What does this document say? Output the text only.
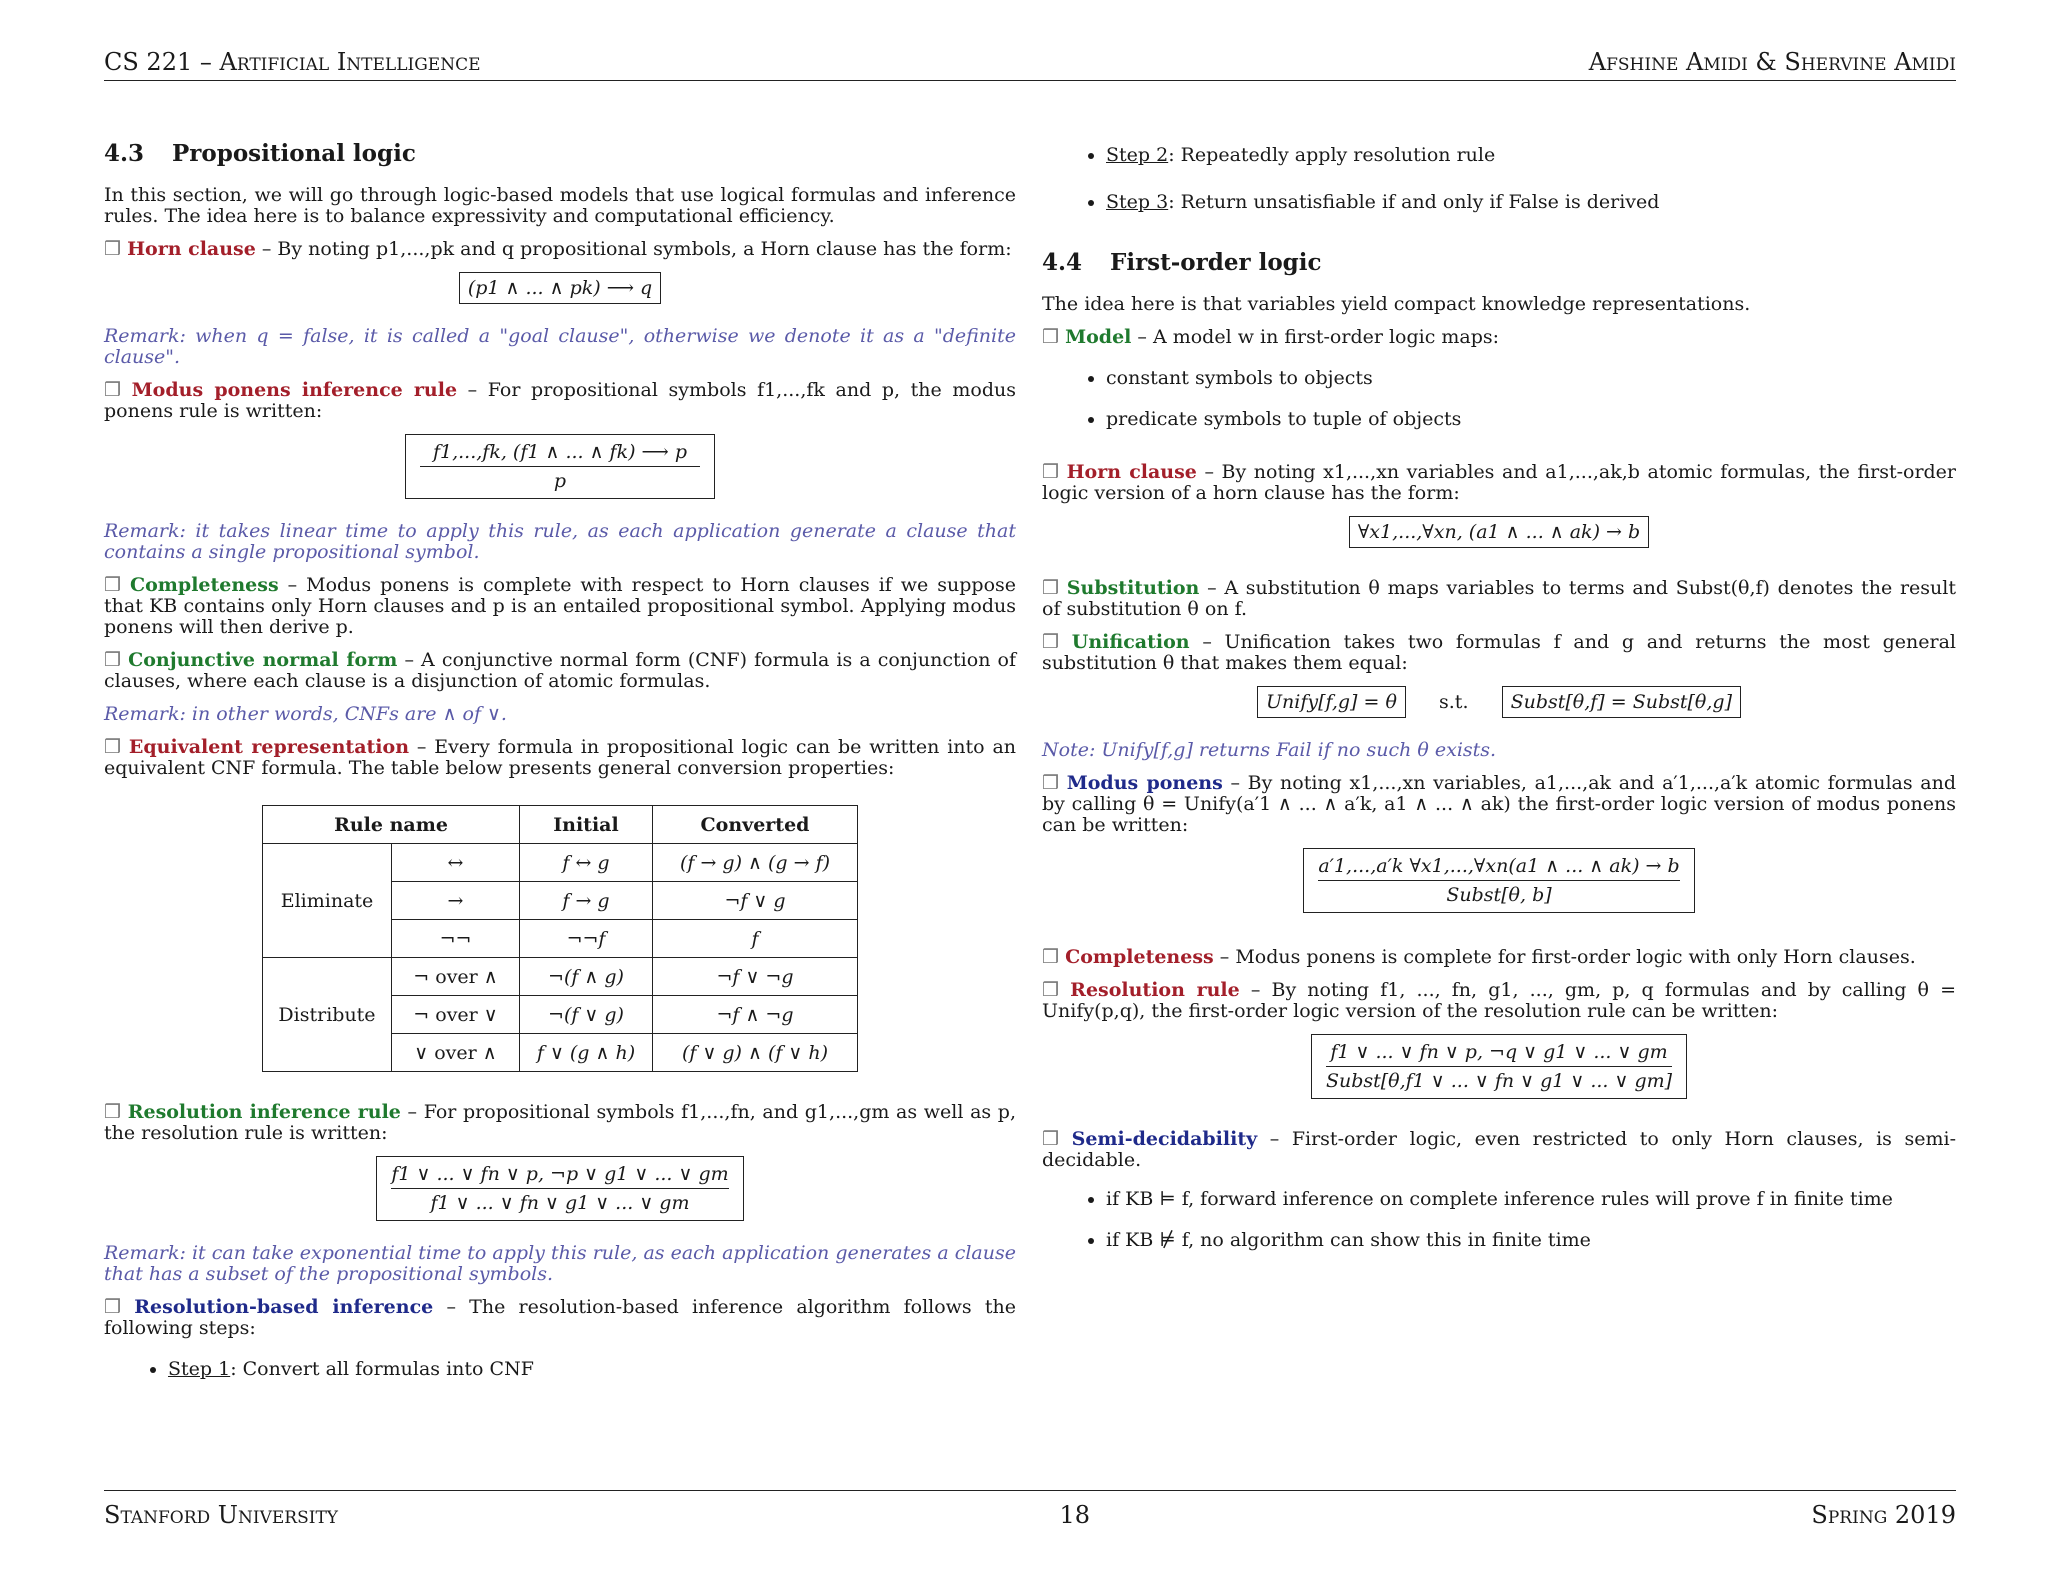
CS 221 – Artificial Intelligence	Afshine Amidi & Shervine Amidi
4.3 Propositional logic

In this section, we will go through logic-based models that use logical formulas and inference rules. The idea here is to balance expressivity and computational efficiency.

❒ Horn clause – By noting p1,...,pk and q propositional symbols, a Horn clause has the form:

(p1 ∧ ... ∧ pk) ⟶ q
Remark: when q = false, it is called a "goal clause", otherwise we denote it as a "definite clause".

❒ Modus ponens inference rule – For propositional symbols f1,...,fk and p, the modus ponens rule is written:

$\frac{f1,...,fk, (f1 \wedge ... \wedge fk) ⟶ p}{p}$
Remark: it takes linear time to apply this rule, as each application generate a clause that contains a single propositional symbol.

❒ Completeness – Modus ponens is complete with respect to Horn clauses if we suppose that KB contains only Horn clauses and p is an entailed propositional symbol. Applying modus ponens will then derive p.

❒ Conjunctive normal form – A conjunctive normal form (CNF) formula is a conjunction of clauses, where each clause is a disjunction of atomic formulas.

Remark: in other words, CNFs are ∧ of ∨.

❒ Equivalent representation – Every formula in propositional logic can be written into an equivalent CNF formula. The table below presents general conversion properties:

Rule name		Initial	Converted
Eliminate	↔	f ↔ g	(f → g) ∧ (g → f)
	→	f → g	¬f ∨ g
	¬¬	¬¬f	f
Distribute	¬ over ∧	¬(f ∧ g)	¬f ∨ ¬g
	¬ over ∨	¬(f ∨ g)	¬f ∧ ¬g
	∨ over ∧	f ∨ (g ∧ h)	(f ∨ g) ∧ (f ∨ h)

❒ Resolution inference rule – For propositional symbols f1,...,fn, and g1,...,gm as well as p, the resolution rule is written:

$\frac{f1 \vee ... \vee fn \vee p, \neg p \vee g1 \vee ... \vee gm}{f1 \vee ... \vee fn \vee g1 \vee ... \vee gm}$
Remark: it can take exponential time to apply this rule, as each application generates a clause that has a subset of the propositional symbols.

❒ Resolution-based inference – The resolution-based inference algorithm follows the following steps:

• Step 1: Convert all formulas into CNF
• Step 2: Repeatedly apply resolution rule
• Step 3: Return unsatisfiable if and only if False is derived
4.4 First-order logic

The idea here is that variables yield compact knowledge representations.

❒ Model – A model w in first-order logic maps:

• constant symbols to objects
• predicate symbols to tuple of objects

❒ Horn clause – By noting x1,...,xn variables and a1,...,ak,b atomic formulas, the first-order logic version of a horn clause has the form:

∀x1,...,∀xn, (a1 ∧ ... ∧ ak) → b

❒ Substitution – A substitution θ maps variables to terms and Subst(θ,f) denotes the result of substitution θ on f.

❒ Unification – Unification takes two formulas f and g and returns the most general substitution θ that makes them equal:

Unify[f,g] = θ s.t. Subst[θ,f] = Subst[θ,g]
Note: Unify[f,g] returns Fail if no such θ exists.

❒ Modus ponens – By noting x1,...,xn variables, a1,...,ak and a′1,...,a′k atomic formulas and by calling θ = Unify(a′1 ∧ ... ∧ a′k, a1 ∧ ... ∧ ak) the first-order logic version of modus ponens can be written:

$\frac{a'1,...,a'k \forall x1,...,\forall xn(a1 \wedge ... \wedge ak) \to b}{\text{Subst[θ, b]}}$

❒ Completeness – Modus ponens is complete for first-order logic with only Horn clauses.

❒ Resolution rule – By noting f1, ..., fn, g1, ..., gm, p, q formulas and by calling θ = Unify(p,q), the first-order logic version of the resolution rule can be written:

$\frac{f1 \vee ... \vee fn \vee p, \neg q \vee g1 \vee ... \vee gm}{\text{Subst[θ,f1 ∨ ... ∨ fn ∨ g1 ∨ ... ∨ gm]}}$

❒ Semi-decidability – First-order logic, even restricted to only Horn clauses, is semi-decidable.

• if KB ⊨ f, forward inference on complete inference rules will prove f in finite time
• if KB ⊭ f, no algorithm can show this in finite time
Stanford University	18	Spring 2019
